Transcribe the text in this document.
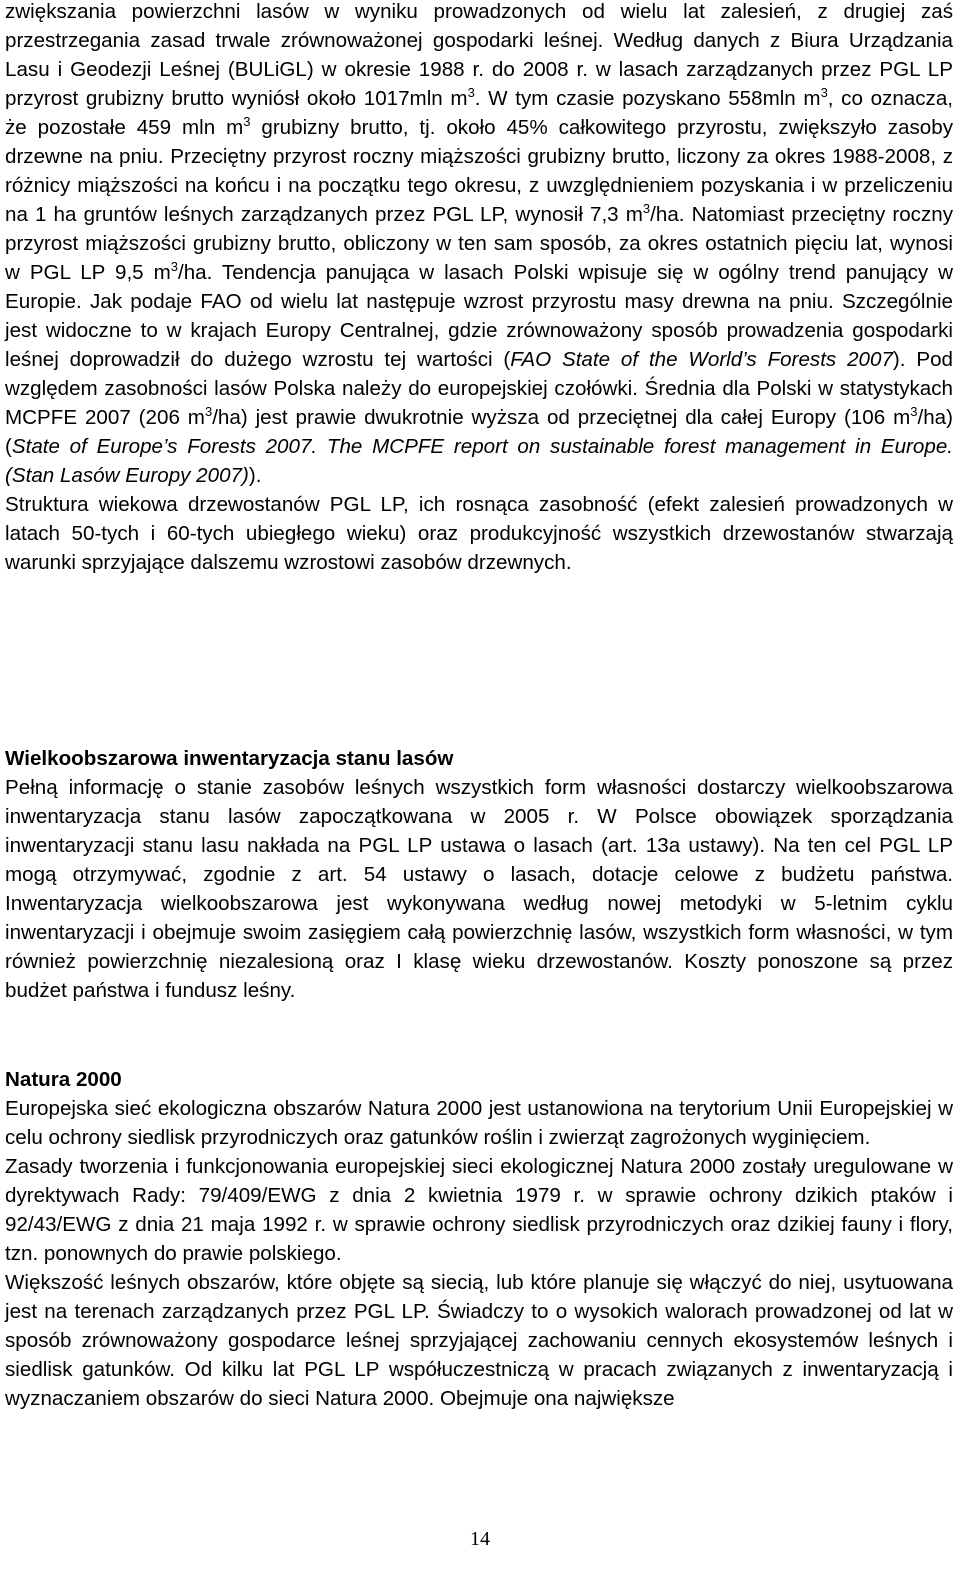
zwiększania powierzchni lasów w wyniku prowadzonych od wielu lat zalesień, z drugiej zaś przestrzegania zasad trwale zrównoważonej gospodarki leśnej. Według danych z Biura Urządzania Lasu i Geodezji Leśnej (BULiGL) w okresie 1988 r. do 2008 r. w lasach zarządzanych przez PGL LP przyrost grubizny brutto wyniósł około 1017mln $m^3$. W tym czasie pozyskano 558mln $m^3$, co oznacza, że pozostałe 459 mln $m^3$ grubizny brutto, tj. około 45% całkowitego przyrostu, zwiększyło zasoby drzewne na pniu. Przeciętny przyrost roczny miąższości grubizny brutto, liczony za okres 1988-2008, z różnicy miąższości na końcu i na początku tego okresu, z uwzględnieniem pozyskania i w przeliczeniu na 1 ha gruntów leśnych zarządzanych przez PGL LP, wynosił 7,3 $m^3/ha$. Natomiast przeciętny roczny przyrost miąższości grubizny brutto, obliczony w ten sam sposób, za okres ostatnich pięciu lat, wynosi w PGL LP 9,5 $m^3/ha$. Tendencja panująca w lasach Polski wpisuje się w ogólny trend panujący w Europie. Jak podaje FAO od wielu lat następuje wzrost przyrostu masy drewna na pniu. Szczególnie jest widoczne to w krajach Europy Centralnej, gdzie zrównoważony sposób prowadzenia gospodarki leśnej doprowadził do dużego wzrostu tej wartości (FAO State of the World’s Forests 2007). Pod względem zasobności lasów Polska należy do europejskiej czołówki. Średnia dla Polski w statystykach MCPFE 2007 (206 $m^3/ha$) jest prawie dwukrotnie wyższa od przeciętnej dla całej Europy (106 $m^3/ha$) (State of Europe’s Forests 2007. The MCPFE report on sustainable forest management in Europe. (Stan Lasów Europy 2007)).

Struktura wiekowa drzewostanów PGL LP, ich rosnąca zasobność (efekt zalesień prowadzonych w latach 50-tych i 60-tych ubiegłego wieku) oraz produkcyjność wszystkich drzewostanów stwarzają warunki sprzyjające dalszemu wzrostowi zasobów drzewnych.

Wielkoobszarowa inwentaryzacja stanu lasów

Pełną informację o stanie zasobów leśnych wszystkich form własności dostarczy wielkoobszarowa inwentaryzacja stanu lasów zapoczątkowana w 2005 r. W Polsce obowiązek sporządzania inwentaryzacji stanu lasu nakłada na PGL LP ustawa o lasach (art. 13a ustawy). Na ten cel PGL LP mogą otrzymywać, zgodnie z art. 54 ustawy o lasach, dotacje celowe z budżetu państwa. Inwentaryzacja wielkoobszarowa jest wykonywana według nowej metodyki w 5-letnim cyklu inwentaryzacji i obejmuje swoim zasięgiem całą powierzchnię lasów, wszystkich form własności, w tym również powierzchnię niezalesioną oraz I klasę wieku drzewostanów. Koszty ponoszone są przez budżet państwa i fundusz leśny.

Natura 2000

Europejska sieć ekologiczna obszarów Natura 2000 jest ustanowiona na terytorium Unii Europejskiej w celu ochrony siedlisk przyrodniczych oraz gatunków roślin i zwierząt zagrożonych wyginięciem.

Zasady tworzenia i funkcjonowania europejskiej sieci ekologicznej Natura 2000 zostały uregulowane w dyrektywach Rady: 79/409/EWG z dnia 2 kwietnia 1979 r. w sprawie ochrony dzikich ptaków i 92/43/EWG z dnia 21 maja 1992 r. w sprawie ochrony siedlisk przyrodniczych oraz dzikiej fauny i flory, tzn. ponownych do prawie polskiego.

Większość leśnych obszarów, które objęte są siecią, lub które planuje się włączyć do niej, usytuowana jest na terenach zarządzanych przez PGL LP. Świadczy to o wysokich walorach prowadzonej od lat w sposób zrównoważony gospodarce leśnej sprzyjającej zachowaniu cennych ekosystemów leśnych i siedlisk gatunków. Od kilku lat PGL LP współuczestniczą w pracach związanych z inwentaryzacją i wyznaczaniem obszarów do sieci Natura 2000. Obejmuje ona największe

14
